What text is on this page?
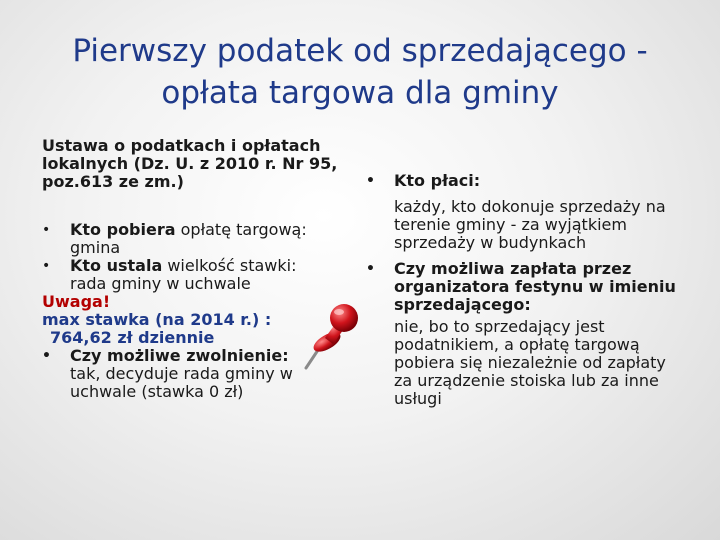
Pierwszy podatek od sprzedającego -
opłata targowa dla gminy

Ustawa o podatkach i opłatach lokalnych (Dz. U. z 2010 r. Nr 95, poz.613 ze zm.)

• Kto pobiera opłatę targową:

gmina

• Kto ustala wielkość stawki:

rada gminy w uchwale

Uwaga!

max stawka (na 2014 r.) :

764,62 zł dziennie

• Czy możliwe zwolnienie:

tak, decyduje rada gminy w uchwale (stawka 0 zł)

• Kto płaci:

każdy, kto dokonuje sprzedaży na terenie gminy - za wyjątkiem sprzedaży w budynkach

• Czy możliwa zapłata przez organizatora festynu w imieniu sprzedającego:

nie, bo to sprzedający jest podatnikiem, a opłatę targową pobiera się niezależnie od zapłaty za urządzenie stoiska lub za inne usługi
